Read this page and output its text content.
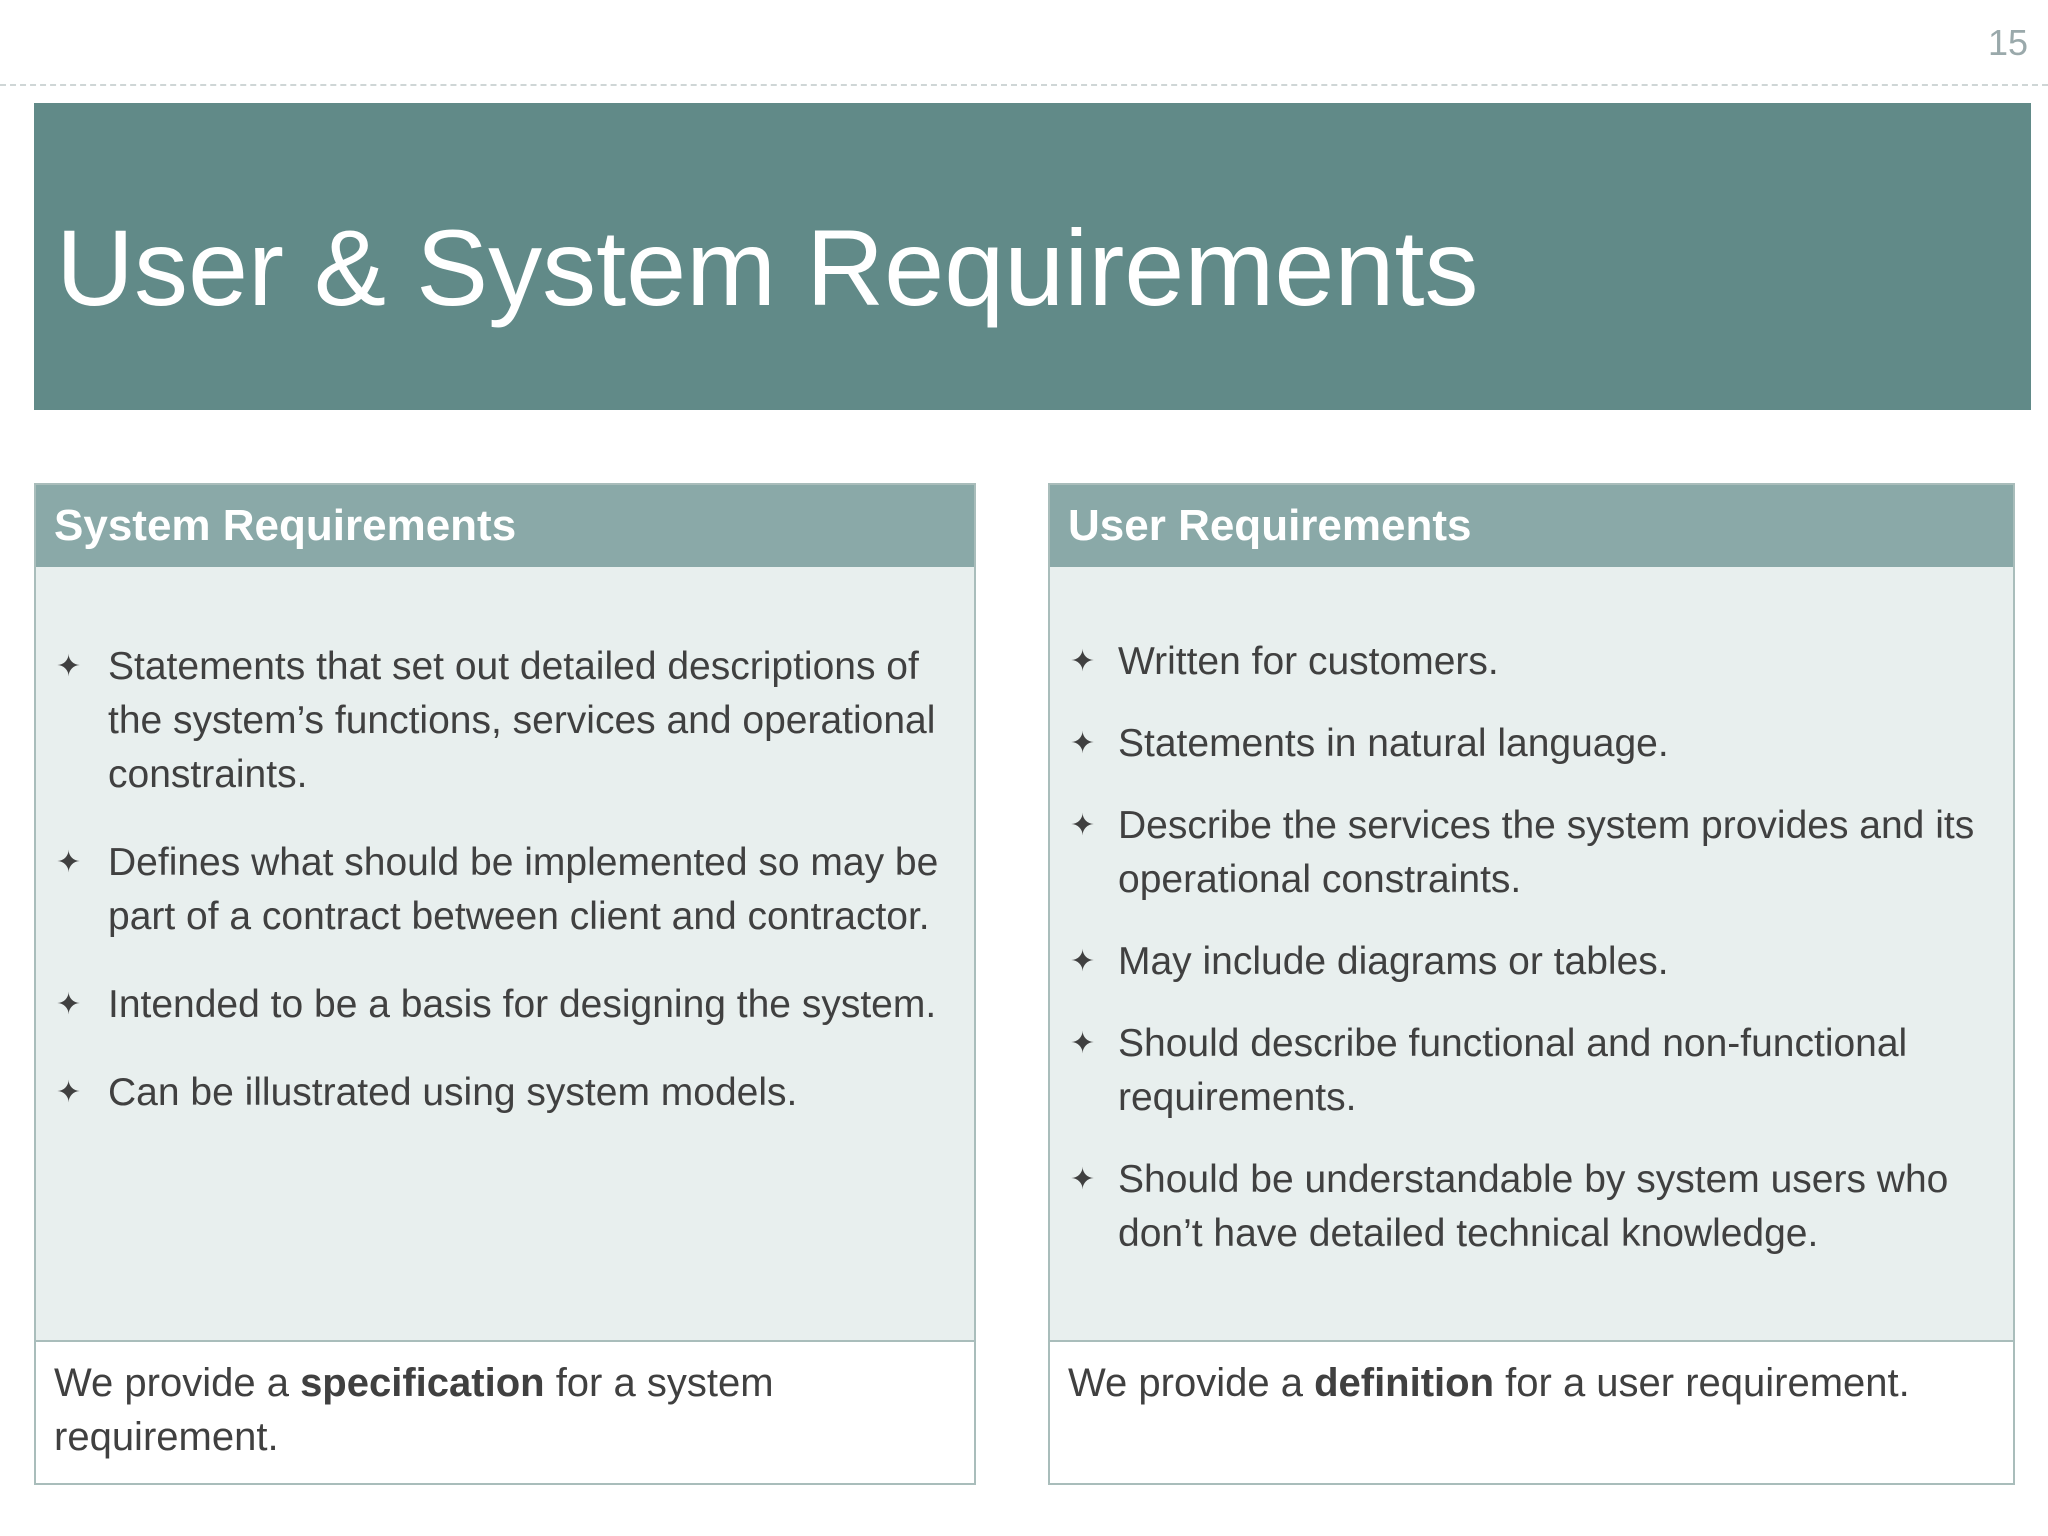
15
User & System Requirements
System Requirements
✦ Statements that set out detailed descriptions of the system’s functions, services and operational constraints.
✦ Defines what should be implemented so may be part of a contract between client and contractor.
✦ Intended to be a basis for designing the system.
✦ Can be illustrated using system models.
We provide a specification for a system requirement.
User Requirements
✦ Written for customers.
✦ Statements in natural language.
✦ Describe the services the system provides and its operational constraints.
✦ May include diagrams or tables.
✦ Should describe functional and non-functional requirements.
✦ Should be understandable by system users who don’t have detailed technical knowledge.
We provide a definition for a user requirement.
